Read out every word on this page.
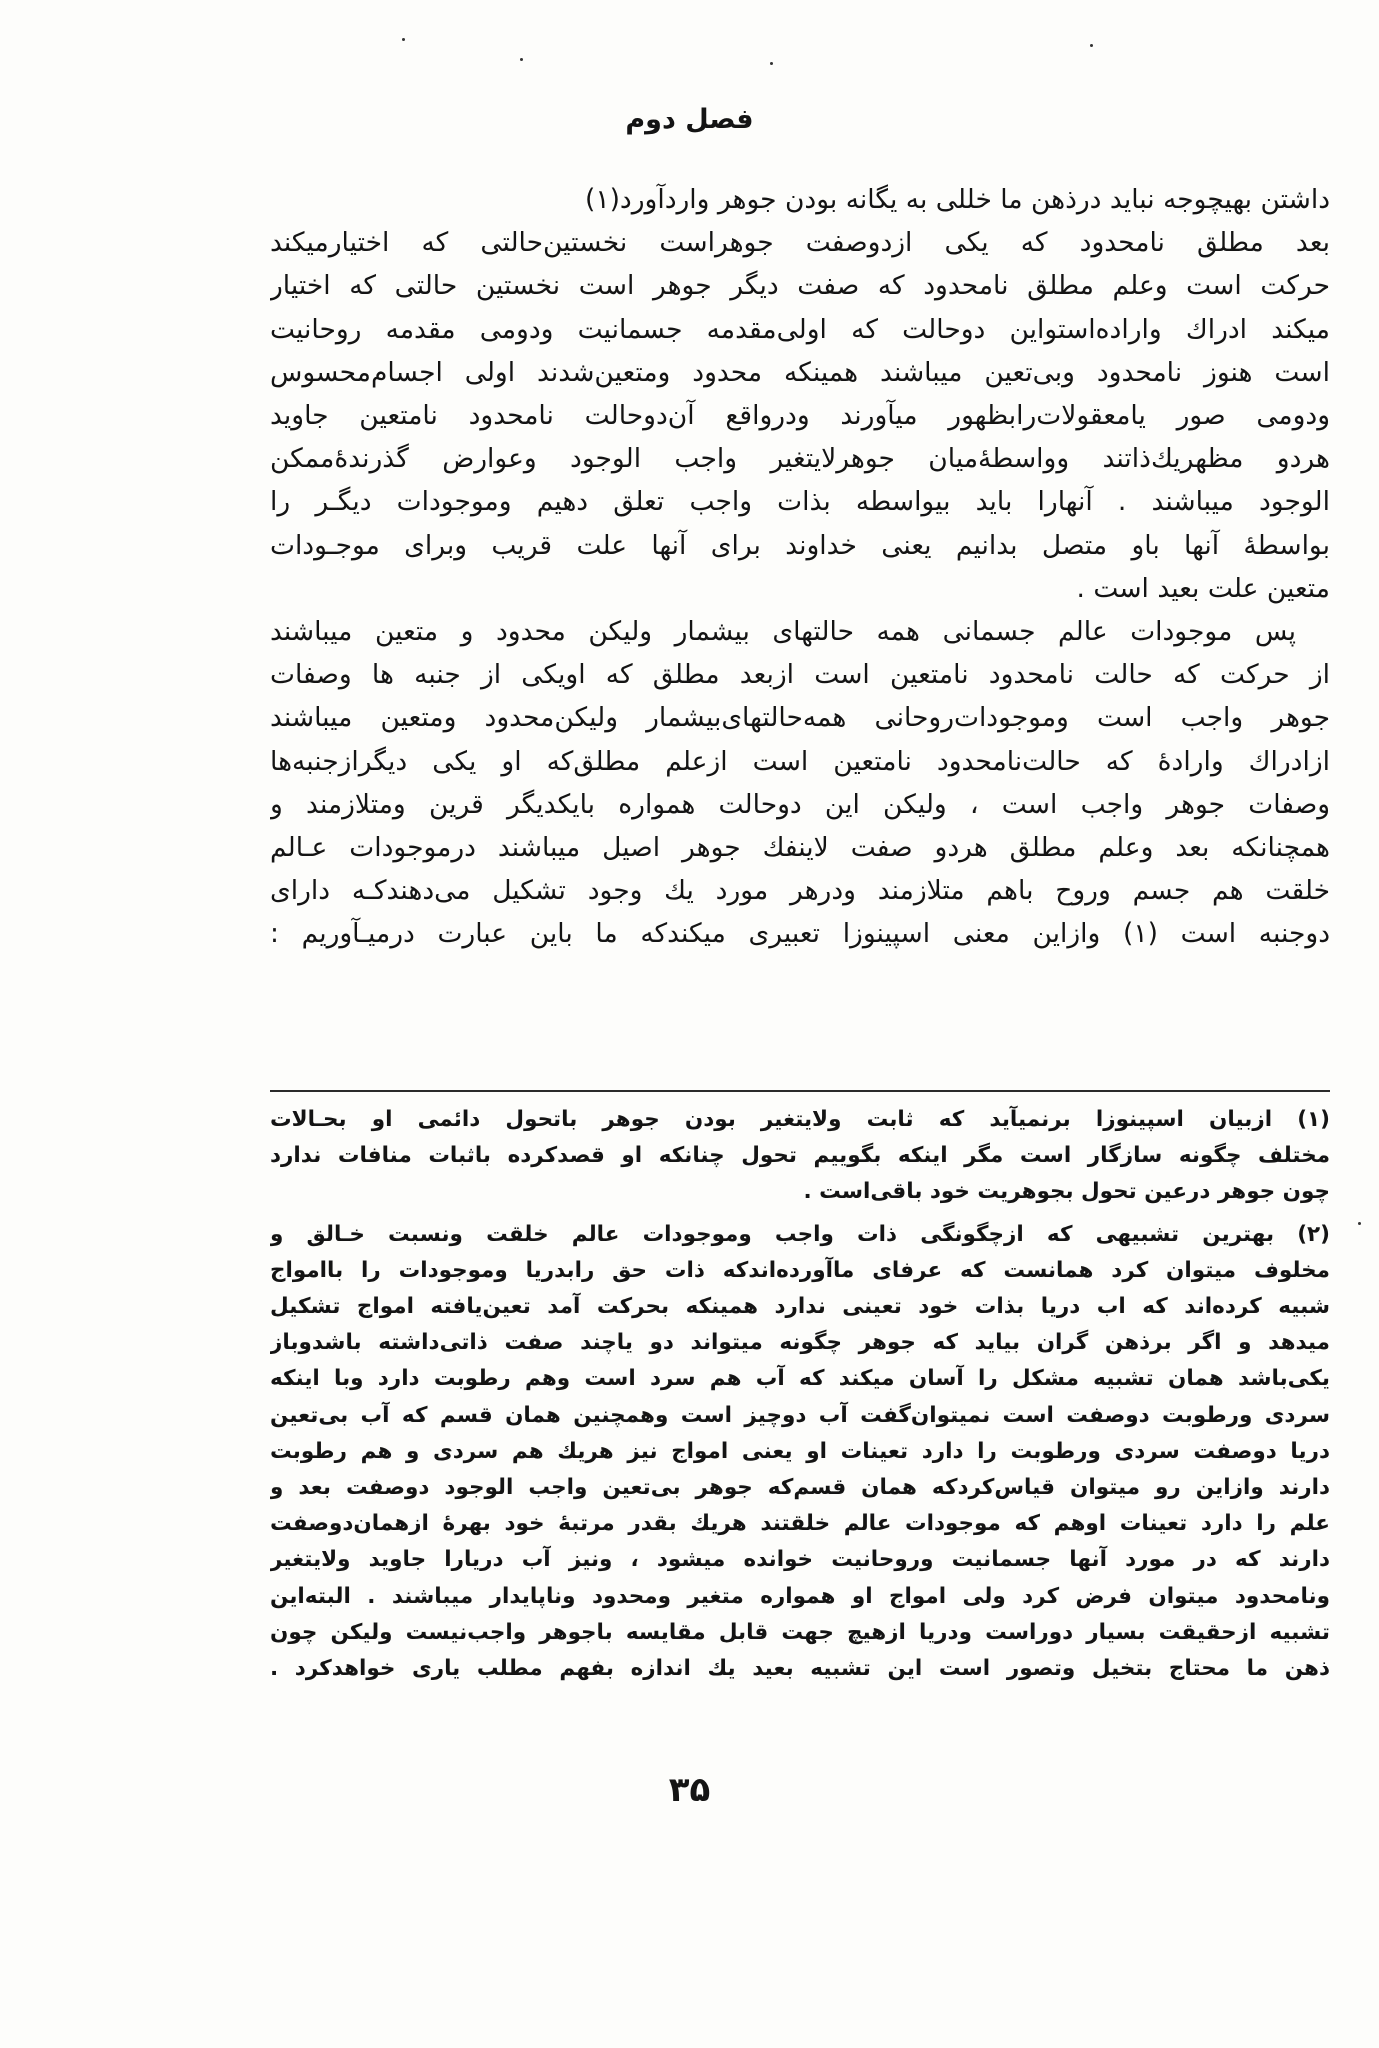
فصل دوم
داشتن بهیچوجه نباید درذهن ما خللی به یگانه بودن جوهر واردآورد(۱)
بعد مطلق نامحدود که یکی ازدوصفت جوهراست نخستین‌حالتی که اختیارمیکند
حرکت است وعلم مطلق نامحدود که صفت دیگر جوهر است نخستین حالتی که اختیار
میکند ادراك واراده‌استواین دوحالت که اولی‌مقدمه جسمانیت ودومی مقدمه روحانیت
است هنوز نامحدود وبی‌تعین میباشند همینکه محدود ومتعین‌شدند اولی اجسام‌محسوس
ودومی صور یامعقولات‌رابظهور میآورند ودرواقع آن‌دوحالت نامحدود نامتعین جاوید
هردو مظهریك‌ذاتند وواسطهٔ‌میان جوهرلایتغیر واجب الوجود وعوارض گذرندهٔ‌ممکن
الوجود میباشند . آنهارا باید بیواسطه بذات واجب تعلق دهیم وموجودات دیگـر را
بواسطهٔ آنها باو متصل بدانیم یعنی خداوند برای آنها علت قریب وبرای موجـودات
متعین علت بعید است .
پس موجودات عالم جسمانی همه حالتهای بیشمار ولیکن محدود و متعین میباشند
از حرکت که حالت نامحدود نامتعین است ازبعد مطلق که اویکی از جنبه ها وصفات
جوهر واجب است وموجودات‌روحانی همه‌حالتهای‌بیشمار ولیکن‌محدود ومتعین میباشند
ازادراك واراده‌ٔ که حالت‌نامحدود نامتعین است ازعلم مطلق‌که او یکی دیگرازجنبه‌ها
وصفات جوهر واجب است ، ولیکن این دوحالت همواره بایکدیگر قرین ومتلازمند و
همچنانکه بعد وعلم مطلق هردو صفت لاینفك جوهر اصیل میباشند درموجودات عـالم
خلقت هم جسم وروح باهم متلازمند ودرهر مورد یك وجود تشکیل می‌دهندکـه دارای
دوجنبه است (۱) وازاین معنی اسپینوزا تعبیری میکندکه ما باین عبارت درمیـآوریم :
(۱) ازبیان اسپینوزا برنمیآید که ثابت ولایتغیر بودن جوهر باتحول دائمی او بحـالات
مختلف چگونه سازگار است مگر اینکه بگوییم تحول چنانکه او قصدکرده باثبات منافات ندارد
چون جوهر درعین تحول بجوهریت خود باقی‌است .
(۲) بهترین تشبیهی که ازچگونگی ذات واجب وموجودات عالم خلقت ونسبت خـالق و
مخلوف میتوان کرد همانست که عرفای ما‌آورده‌اندکه ذات حق رابدریا وموجودات را باامواج
شبیه کرده‌اند که اب دریا بذات خود تعینی ندارد همینکه بحرکت آمد تعین‌یافته امواج تشکیل
میدهد و اگر برذهن گران بیاید که جوهر چگونه میتواند دو یاچند صفت ذاتی‌داشته باشدوباز
یکی‌باشد همان تشبیه مشکل را آسان میکند که آب هم سرد است وهم رطوبت دارد وبا اینکه
سردی ورطوبت دوصفت است نمیتوان‌گفت آب دوچیز است وهمچنین همان قسم که آب بی‌تعین
دریا دوصفت سردی ورطوبت را دارد تعینات او یعنی امواج نیز هریك هم سردی و هم رطوبت
دارند وازاین رو میتوان قیاس‌کردکه همان قسم‌که جوهر بی‌تعین واجب الوجود دوصفت بعد و
علم را دارد تعینات اوهم که موجودات عالم خلقتند هریك بقدر مرتبهٔ خود بهرهٔ ازهمان‌دوصفت
دارند که در مورد آنها جسمانیت وروحانیت خوانده میشود ، ونیز آب دریارا جاوید ولایتغیر
ونامحدود میتوان فرض کرد ولی امواج او همواره متغیر ومحدود وناپایدار میباشند . البته‌این
تشبیه ازحقیقت بسیار دوراست ودریا ازهیچ جهت قابل مقایسه باجوهر واجب‌نیست ولیکن چون
ذهن ما محتاج بتخیل وتصور است این تشبیه بعید یك اندازه بفهم مطلب یاری خواهدکرد .
۳۵
